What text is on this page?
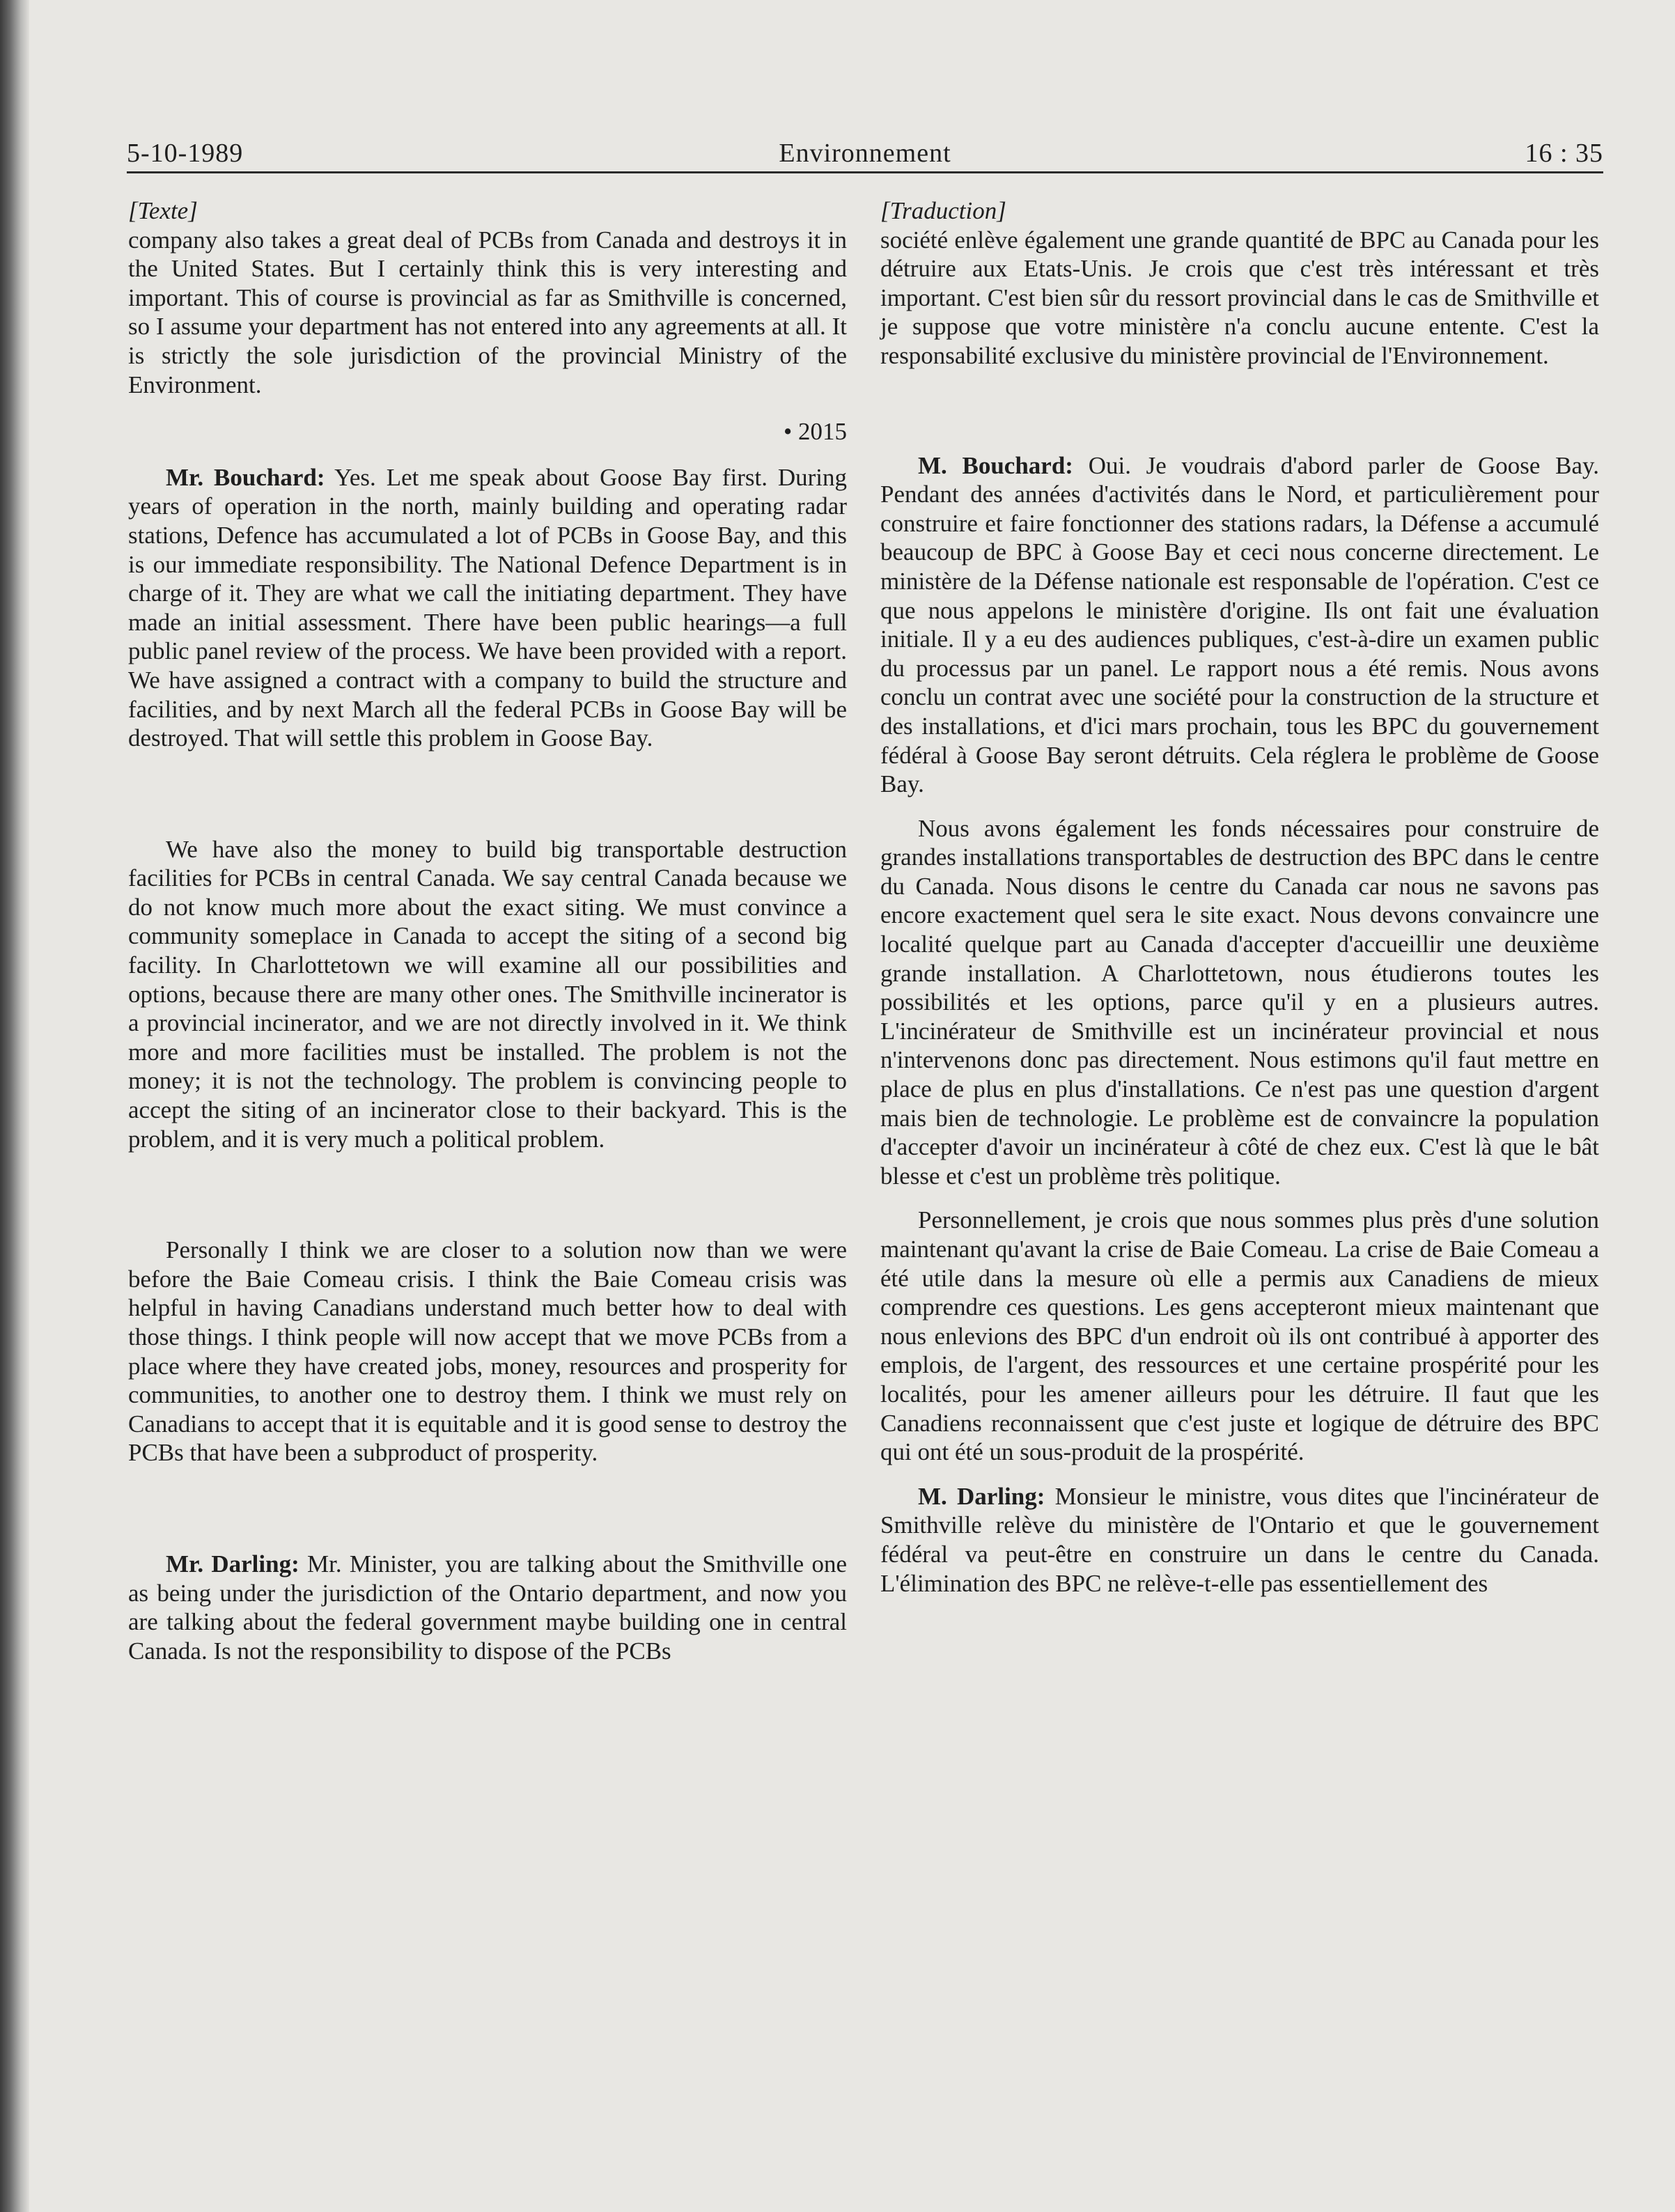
5-10-1989	Environnement	16 : 35
[Texte]

company also takes a great deal of PCBs from Canada and destroys it in the United States. But I certainly think this is very interesting and important. This of course is provincial as far as Smithville is concerned, so I assume your department has not entered into any agreements at all. It is strictly the sole jurisdiction of the provincial Ministry of the Environment.

• 2015

Mr. Bouchard: Yes. Let me speak about Goose Bay first. During years of operation in the north, mainly building and operating radar stations, Defence has accumulated a lot of PCBs in Goose Bay, and this is our immediate responsibility. The National Defence Department is in charge of it. They are what we call the initiating department. They have made an initial assessment. There have been public hearings—a full public panel review of the process. We have been provided with a report. We have assigned a contract with a company to build the structure and facilities, and by next March all the federal PCBs in Goose Bay will be destroyed. That will settle this problem in Goose Bay.

We have also the money to build big transportable destruction facilities for PCBs in central Canada. We say central Canada because we do not know much more about the exact siting. We must convince a community someplace in Canada to accept the siting of a second big facility. In Charlottetown we will examine all our possibilities and options, because there are many other ones. The Smithville incinerator is a provincial incinerator, and we are not directly involved in it. We think more and more facilities must be installed. The problem is not the money; it is not the technology. The problem is convincing people to accept the siting of an incinerator close to their backyard. This is the problem, and it is very much a political problem.

Personally I think we are closer to a solution now than we were before the Baie Comeau crisis. I think the Baie Comeau crisis was helpful in having Canadians understand much better how to deal with those things. I think people will now accept that we move PCBs from a place where they have created jobs, money, resources and prosperity for communities, to another one to destroy them. I think we must rely on Canadians to accept that it is equitable and it is good sense to destroy the PCBs that have been a subproduct of prosperity.

Mr. Darling: Mr. Minister, you are talking about the Smithville one as being under the jurisdiction of the Ontario department, and now you are talking about the federal government maybe building one in central Canada. Is not the responsibility to dispose of the PCBs

[Traduction]

société enlève également une grande quantité de BPC au Canada pour les détruire aux Etats-Unis. Je crois que c'est très intéressant et très important. C'est bien sûr du ressort provincial dans le cas de Smithville et je suppose que votre ministère n'a conclu aucune entente. C'est la responsabilité exclusive du ministère provincial de l'Environnement.

M. Bouchard: Oui. Je voudrais d'abord parler de Goose Bay. Pendant des années d'activités dans le Nord, et particulièrement pour construire et faire fonctionner des stations radars, la Défense a accumulé beaucoup de BPC à Goose Bay et ceci nous concerne directement. Le ministère de la Défense nationale est responsable de l'opération. C'est ce que nous appelons le ministère d'origine. Ils ont fait une évaluation initiale. Il y a eu des audiences publiques, c'est-à-dire un examen public du processus par un panel. Le rapport nous a été remis. Nous avons conclu un contrat avec une société pour la construction de la structure et des installations, et d'ici mars prochain, tous les BPC du gouvernement fédéral à Goose Bay seront détruits. Cela réglera le problème de Goose Bay.

Nous avons également les fonds nécessaires pour construire de grandes installations transportables de destruction des BPC dans le centre du Canada. Nous disons le centre du Canada car nous ne savons pas encore exactement quel sera le site exact. Nous devons convaincre une localité quelque part au Canada d'accepter d'accueillir une deuxième grande installation. A Charlottetown, nous étudierons toutes les possibilités et les options, parce qu'il y en a plusieurs autres. L'incinérateur de Smithville est un incinérateur provincial et nous n'intervenons donc pas directement. Nous estimons qu'il faut mettre en place de plus en plus d'installations. Ce n'est pas une question d'argent mais bien de technologie. Le problème est de convaincre la population d'accepter d'avoir un incinérateur à côté de chez eux. C'est là que le bât blesse et c'est un problème très politique.

Personnellement, je crois que nous sommes plus près d'une solution maintenant qu'avant la crise de Baie Comeau. La crise de Baie Comeau a été utile dans la mesure où elle a permis aux Canadiens de mieux comprendre ces questions. Les gens accepteront mieux maintenant que nous enlevions des BPC d'un endroit où ils ont contribué à apporter des emplois, de l'argent, des ressources et une certaine prospérité pour les localités, pour les amener ailleurs pour les détruire. Il faut que les Canadiens reconnaissent que c'est juste et logique de détruire des BPC qui ont été un sous-produit de la prospérité.

M. Darling: Monsieur le ministre, vous dites que l'incinérateur de Smithville relève du ministère de l'Ontario et que le gouvernement fédéral va peut-être en construire un dans le centre du Canada. L'élimination des BPC ne relève-t-elle pas essentiellement des
